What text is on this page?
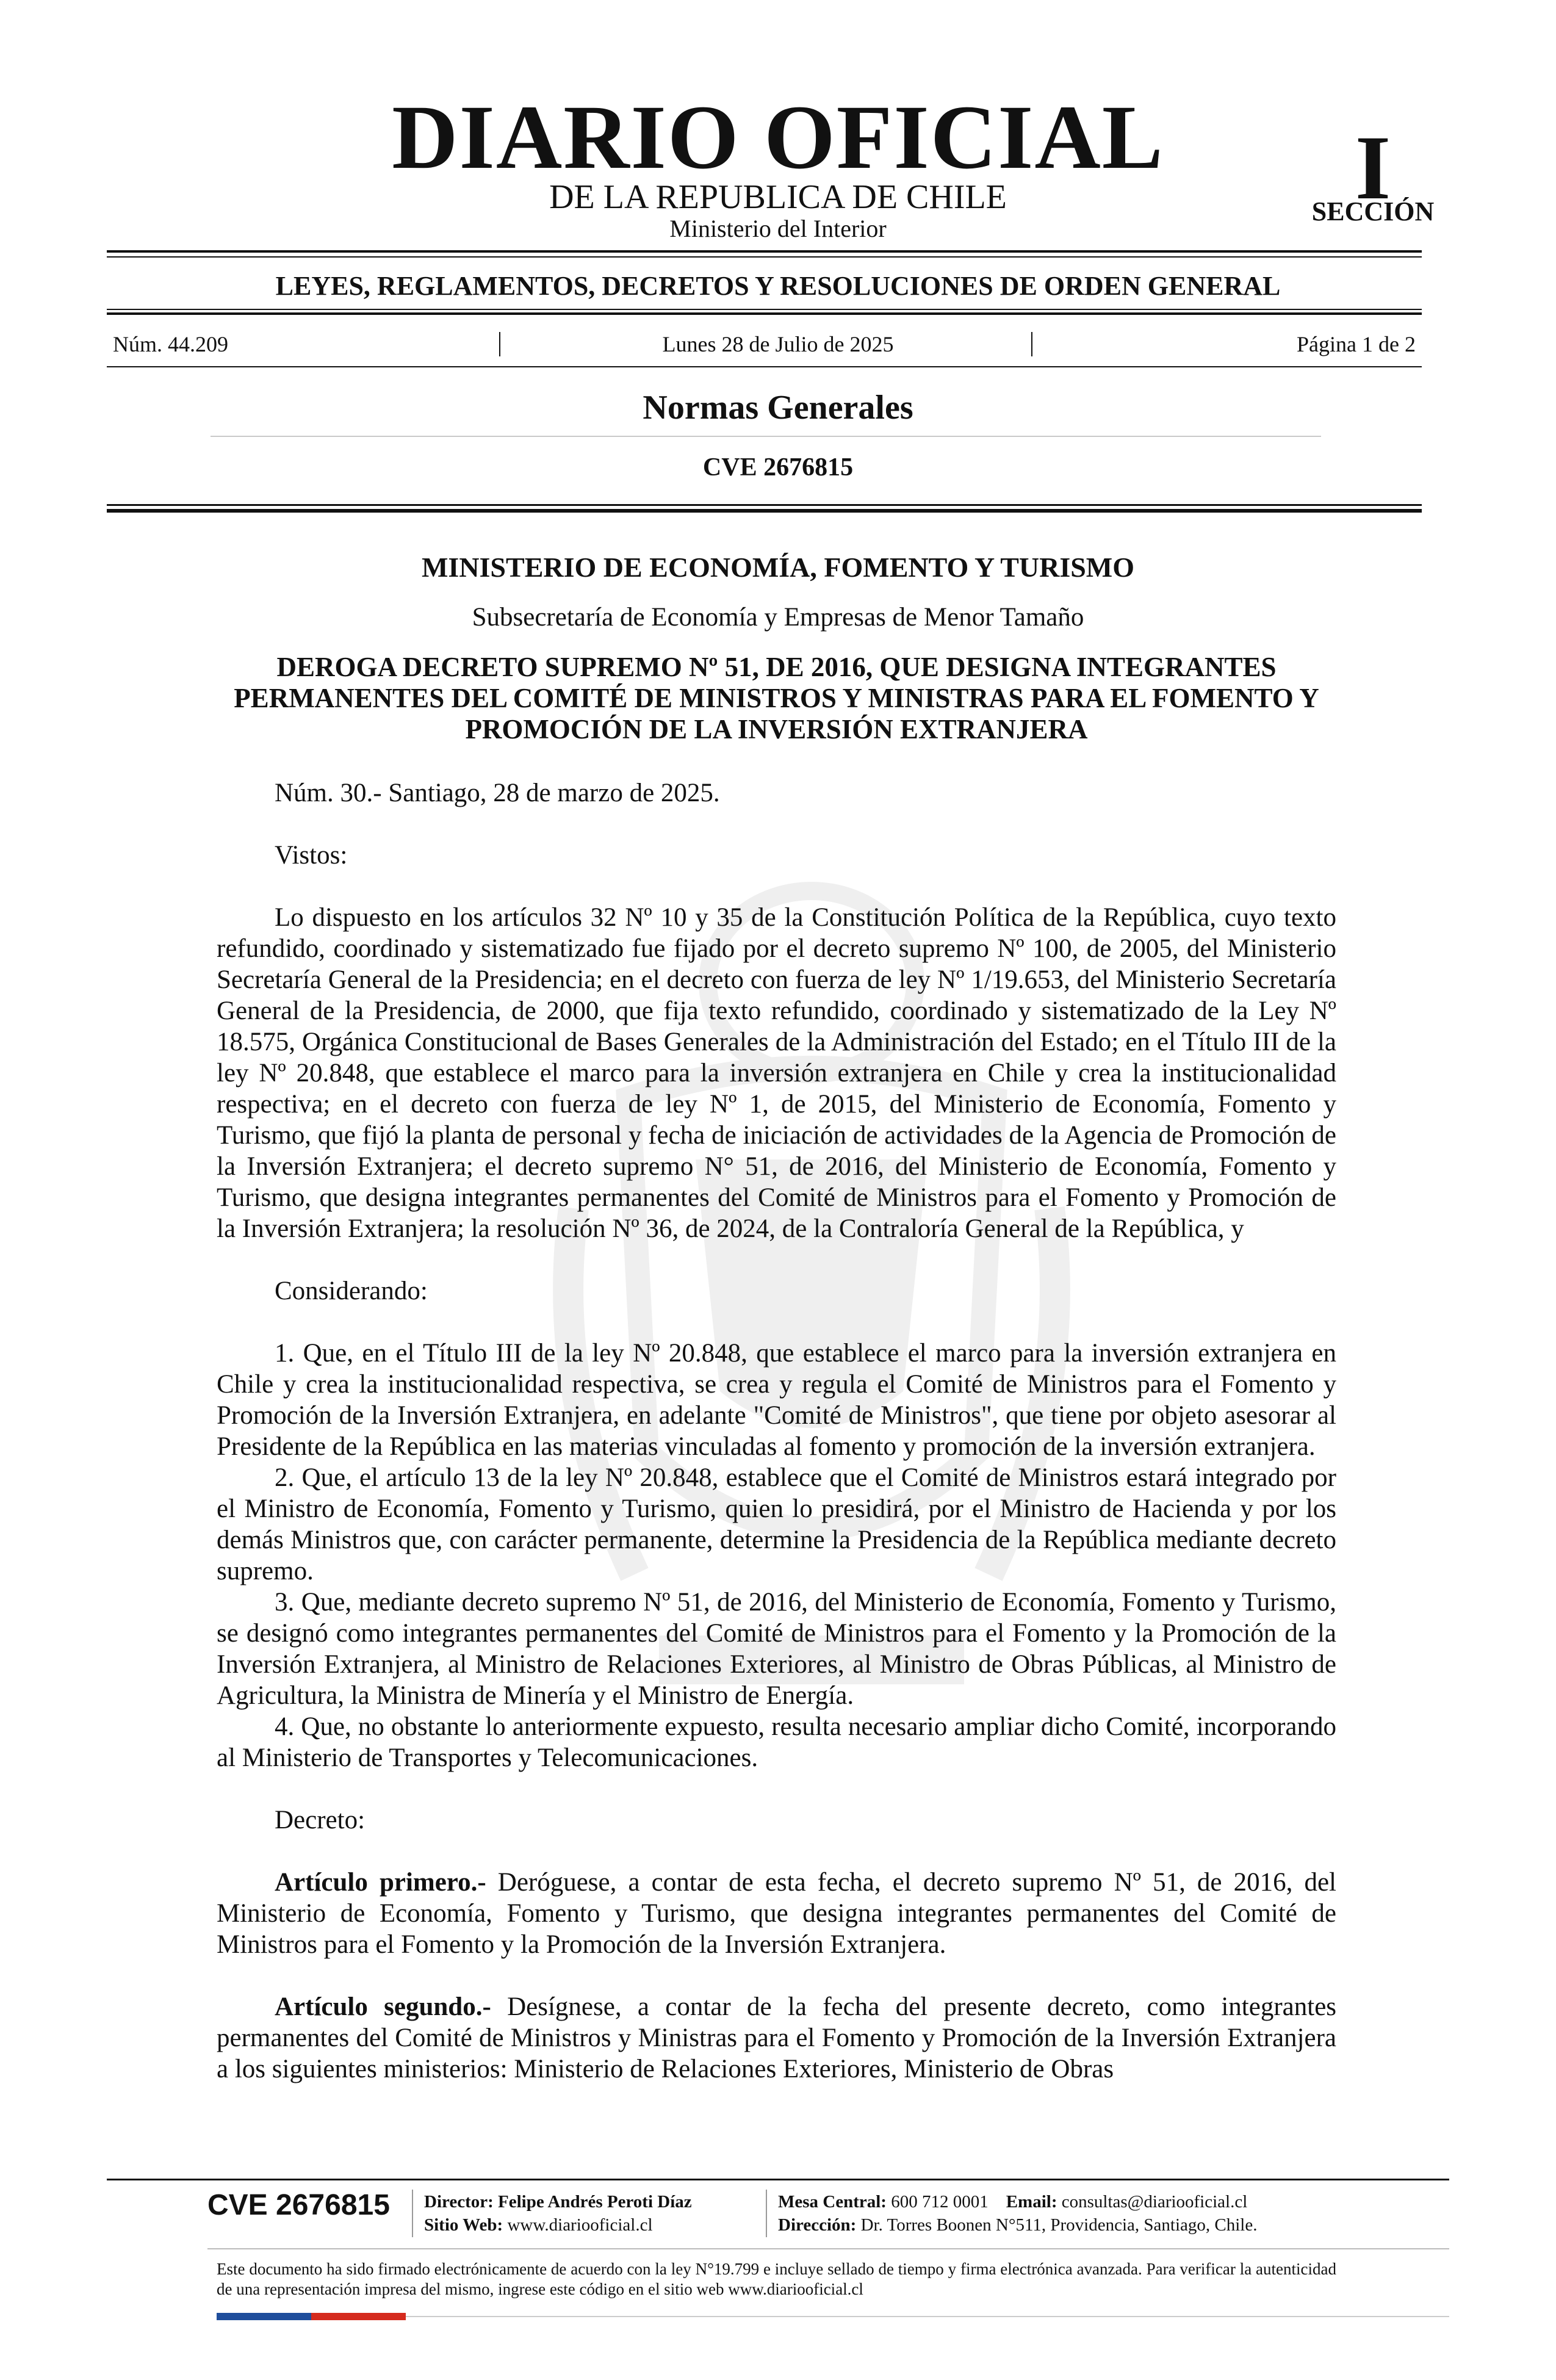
DIARIO OFICIAL
DE LA REPUBLICA DE CHILE
Ministerio del Interior
I
SECCIÓN
LEYES, REGLAMENTOS, DECRETOS Y RESOLUCIONES DE ORDEN GENERAL
Núm. 44.209	Lunes 28 de Julio de 2025	Página 1 de 2
Normas Generales
CVE 2676815
MINISTERIO DE ECONOMÍA, FOMENTO Y TURISMO
Subsecretaría de Economía y Empresas de Menor Tamaño
DEROGA DECRETO SUPREMO Nº 51, DE 2016, QUE DESIGNA INTEGRANTES PERMANENTES DEL COMITÉ DE MINISTROS Y MINISTRAS PARA EL FOMENTO Y PROMOCIÓN DE LA INVERSIÓN EXTRANJERA

Núm. 30.- Santiago, 28 de marzo de 2025.

Vistos:

Lo dispuesto en los artículos 32 Nº 10 y 35 de la Constitución Política de la República, cuyo texto refundido, coordinado y sistematizado fue fijado por el decreto supremo Nº 100, de 2005, del Ministerio Secretaría General de la Presidencia; en el decreto con fuerza de ley Nº 1/19.653, del Ministerio Secretaría General de la Presidencia, de 2000, que fija texto refundido, coordinado y sistematizado de la Ley Nº 18.575, Orgánica Constitucional de Bases Generales de la Administración del Estado; en el Título III de la ley Nº 20.848, que establece el marco para la inversión extranjera en Chile y crea la institucionalidad respectiva; en el decreto con fuerza de ley Nº 1, de 2015, del Ministerio de Economía, Fomento y Turismo, que fijó la planta de personal y fecha de iniciación de actividades de la Agencia de Promoción de la Inversión Extranjera; el decreto supremo N° 51, de 2016, del Ministerio de Economía, Fomento y Turismo, que designa integrantes permanentes del Comité de Ministros para el Fomento y Promoción de la Inversión Extranjera; la resolución Nº 36, de 2024, de la Contraloría General de la República, y

Considerando:

1. Que, en el Título III de la ley Nº 20.848, que establece el marco para la inversión extranjera en Chile y crea la institucionalidad respectiva, se crea y regula el Comité de Ministros para el Fomento y Promoción de la Inversión Extranjera, en adelante "Comité de Ministros", que tiene por objeto asesorar al Presidente de la República en las materias vinculadas al fomento y promoción de la inversión extranjera.

2. Que, el artículo 13 de la ley Nº 20.848, establece que el Comité de Ministros estará integrado por el Ministro de Economía, Fomento y Turismo, quien lo presidirá, por el Ministro de Hacienda y por los demás Ministros que, con carácter permanente, determine la Presidencia de la República mediante decreto supremo.

3. Que, mediante decreto supremo Nº 51, de 2016, del Ministerio de Economía, Fomento y Turismo, se designó como integrantes permanentes del Comité de Ministros para el Fomento y la Promoción de la Inversión Extranjera, al Ministro de Relaciones Exteriores, al Ministro de Obras Públicas, al Ministro de Agricultura, la Ministra de Minería y el Ministro de Energía.

4. Que, no obstante lo anteriormente expuesto, resulta necesario ampliar dicho Comité, incorporando al Ministerio de Transportes y Telecomunicaciones.

Decreto:

Artículo primero.- Deróguese, a contar de esta fecha, el decreto supremo Nº 51, de 2016, del Ministerio de Economía, Fomento y Turismo, que designa integrantes permanentes del Comité de Ministros para el Fomento y la Promoción de la Inversión Extranjera.

Artículo segundo.- Desígnese, a contar de la fecha del presente decreto, como integrantes permanentes del Comité de Ministros y Ministras para el Fomento y Promoción de la Inversión Extranjera a los siguientes ministerios: Ministerio de Relaciones Exteriores, Ministerio de Obras

CVE 2676815 Director: Felipe Andrés Peroti Díaz
Sitio Web: www.diariooficial.cl
Mesa Central: 600 712 0001 Email: consultas@diariooficial.cl
Dirección: Dr. Torres Boonen N°511, Providencia, Santiago, Chile.
Este documento ha sido firmado electrónicamente de acuerdo con la ley N°19.799 e incluye sellado de tiempo y firma electrónica avanzada. Para verificar la autenticidad de una representación impresa del mismo, ingrese este código en el sitio web www.diariooficial.cl
